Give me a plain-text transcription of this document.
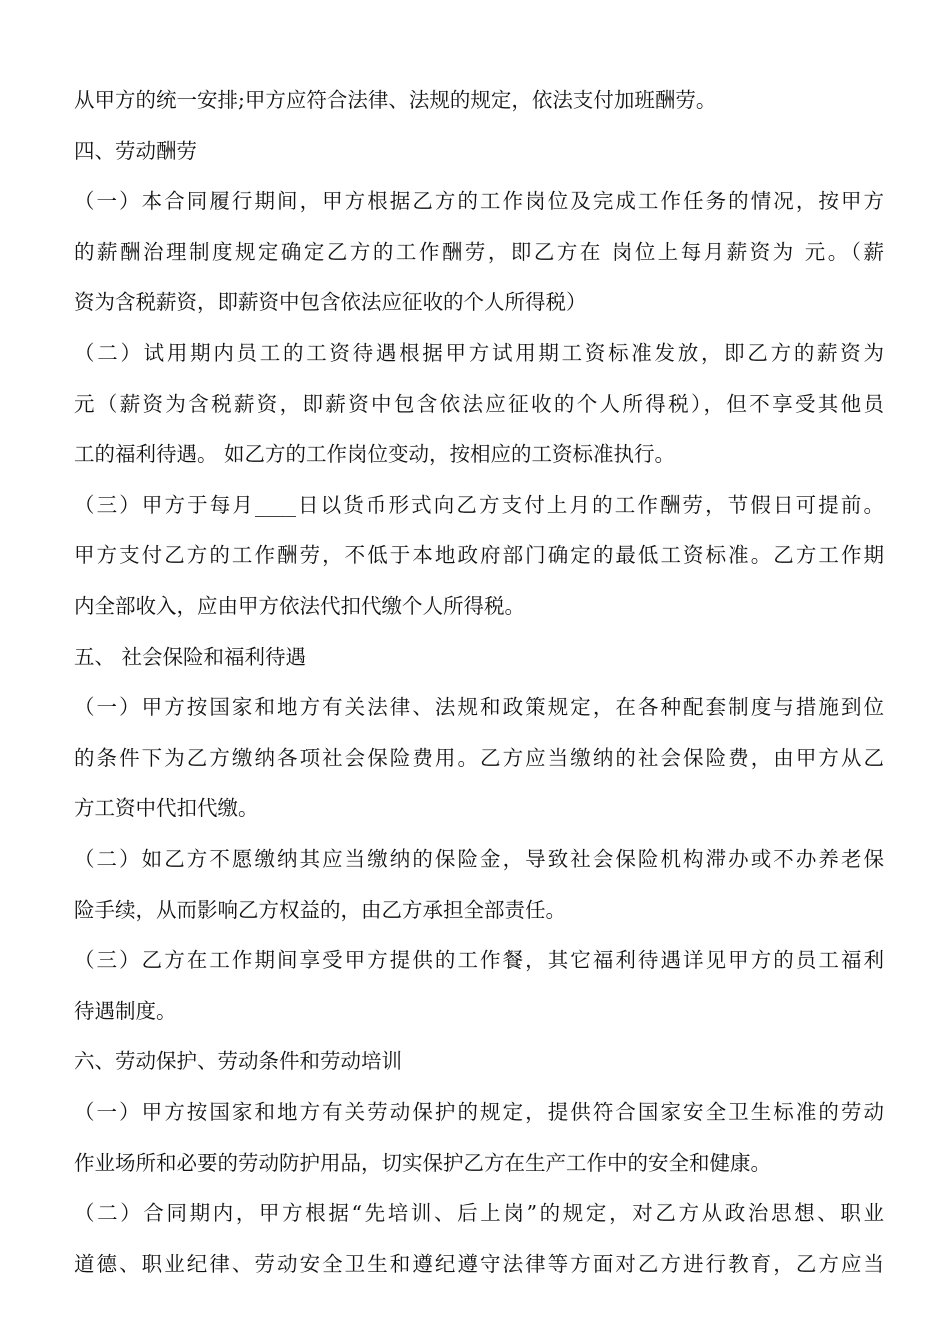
从甲方的统一安排;甲方应符合法律、法规的规定，依法支付加班酬劳。
四、劳动酬劳
（一）本合同履行期间，甲方根据乙方的工作岗位及完成工作任务的情况，按甲方
的薪酬治理制度规定确定乙方的工作酬劳，即乙方在 岗位上每月薪资为 元。（薪
资为含税薪资，即薪资中包含依法应征收的个人所得税）
（二）试用期内员工的工资待遇根据甲方试用期工资标准发放，即乙方的薪资为
元（薪资为含税薪资，即薪资中包含依法应征收的个人所得税），但不享受其他员
工的福利待遇。 如乙方的工作岗位变动，按相应的工资标准执行。
（三）甲方于每月____日以货币形式向乙方支付上月的工作酬劳，节假日可提前。
甲方支付乙方的工作酬劳，不低于本地政府部门确定的最低工资标准。乙方工作期
内全部收入，应由甲方依法代扣代缴个人所得税。
五、 社会保险和福利待遇
（一）甲方按国家和地方有关法律、法规和政策规定，在各种配套制度与措施到位
的条件下为乙方缴纳各项社会保险费用。乙方应当缴纳的社会保险费，由甲方从乙
方工资中代扣代缴。
（二）如乙方不愿缴纳其应当缴纳的保险金，导致社会保险机构滞办或不办养老保
险手续，从而影响乙方权益的，由乙方承担全部责任。
（三）乙方在工作期间享受甲方提供的工作餐，其它福利待遇详见甲方的员工福利
待遇制度。
六、劳动保护、劳动条件和劳动培训
（一）甲方按国家和地方有关劳动保护的规定，提供符合国家安全卫生标准的劳动
作业场所和必要的劳动防护用品，切实保护乙方在生产工作中的安全和健康。
（二）合同期内，甲方根据“先培训、后上岗”的规定，对乙方从政治思想、职业
道德、职业纪律、劳动安全卫生和遵纪遵守法律等方面对乙方进行教育，乙方应当
